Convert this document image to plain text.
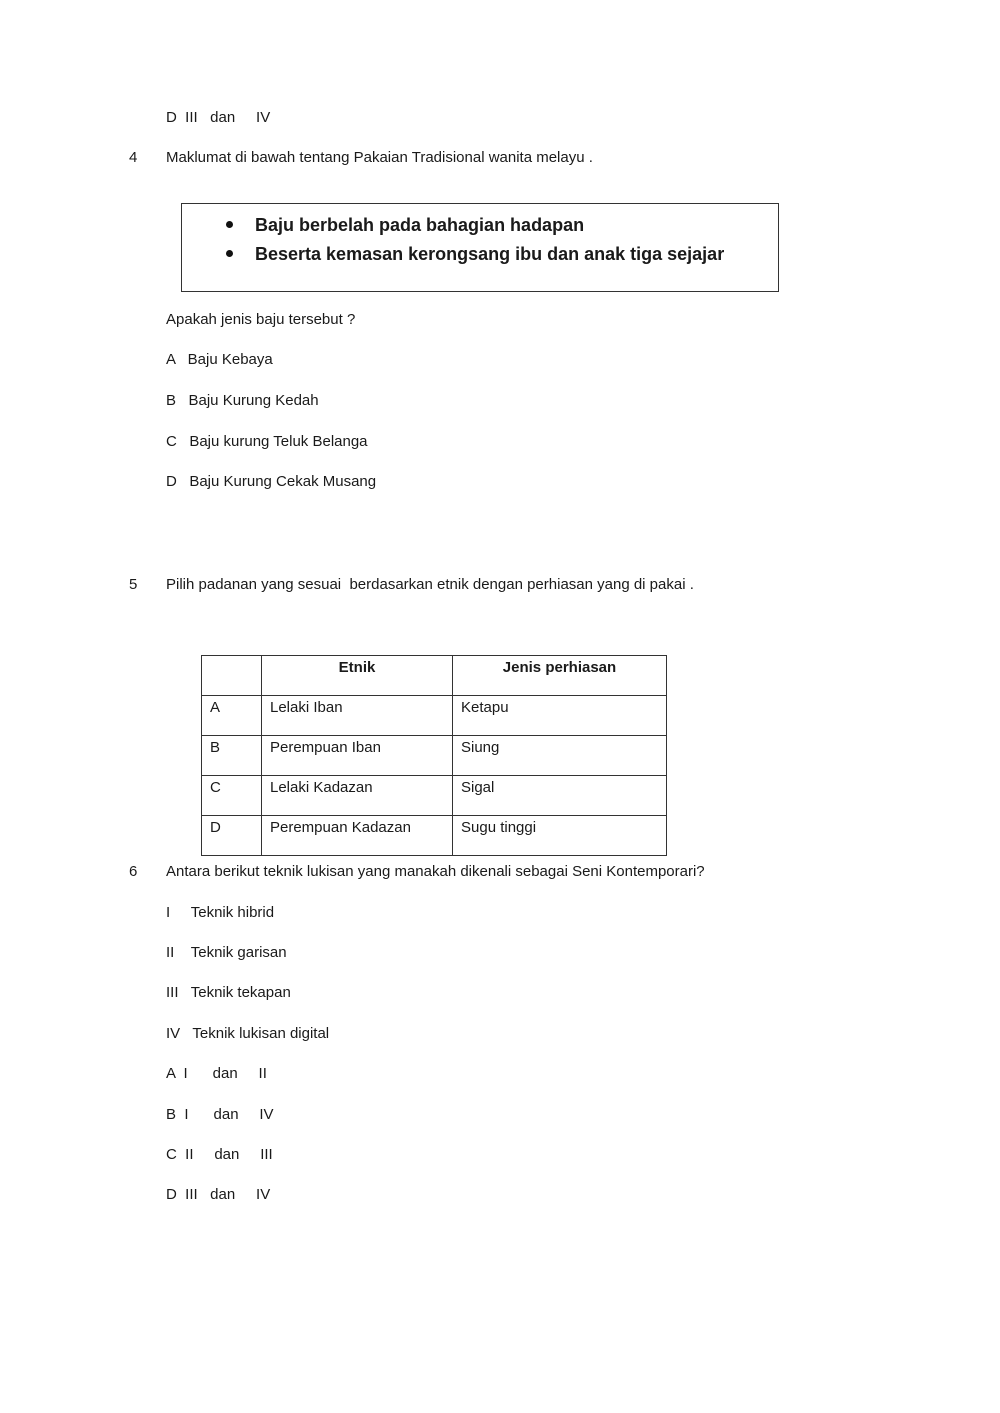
D  III   dan     IV
4 Maklumat di bawah tentang Pakaian Tradisional wanita melayu .
Baju berbelah pada bahagian hadapan
Beserta kemasan kerongsang ibu dan anak tiga sejajar
Apakah jenis baju tersebut ?
A   Baju Kebaya
B   Baju Kurung Kedah
C   Baju kurung Teluk Belanga
D   Baju Kurung Cekak Musang
5 Pilih padanan yang sesuai  berdasarkan etnik dengan perhiasan yang di pakai .
	Etnik	Jenis perhiasan
A	Lelaki Iban	Ketapu
B	Perempuan Iban	Siung
C	Lelaki Kadazan	Sigal
D	Perempuan Kadazan	Sugu tinggi
6 Antara berikut teknik lukisan yang manakah dikenali sebagai Seni Kontemporari?
I     Teknik hibrid
II    Teknik garisan
III   Teknik tekapan
IV   Teknik lukisan digital
A  I      dan     II
B  I      dan     IV
C  II     dan     III
D  III   dan     IV
